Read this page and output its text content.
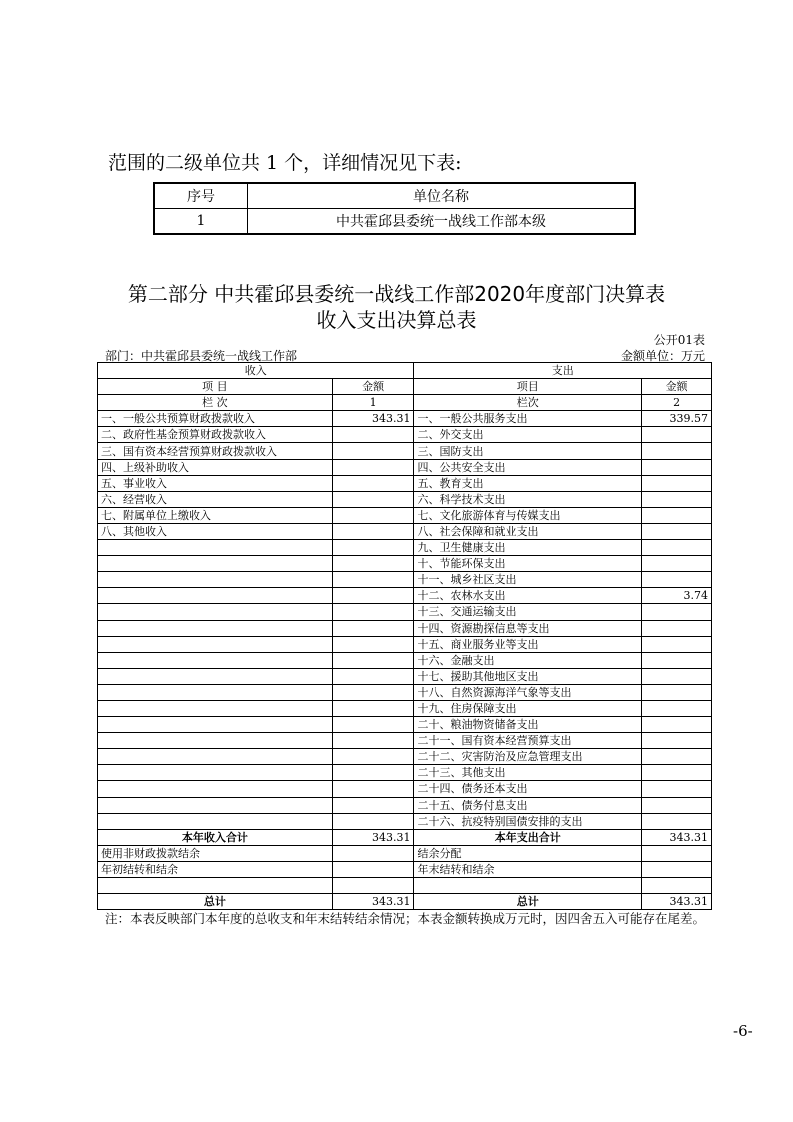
范围的二级单位共 1 个，详细情况见下表:
序号	单位名称
1	中共霍邱县委统一战线工作部本级
第二部分 中共霍邱县委统一战线工作部2020年度部门决算表
收入支出决算总表
公开01表
部门：中共霍邱县委统一战线工作部	金额单位：万元
收入		支出	
项 目	金额	项目	金额
栏 次	1	栏次	2
一、一般公共预算财政拨款收入	343.31	一、一般公共服务支出	339.57
二、政府性基金预算财政拨款收入		二、外交支出	
三、国有资本经营预算财政拨款收入		三、国防支出	
四、上级补助收入		四、公共安全支出	
五、事业收入		五、教育支出	
六、经营收入		六、科学技术支出	
七、附属单位上缴收入		七、文化旅游体育与传媒支出	
八、其他收入		八、社会保障和就业支出	
		九、卫生健康支出	
		十、节能环保支出	
		十一、城乡社区支出	
		十二、农林水支出	3.74
		十三、交通运输支出	
		十四、资源勘探信息等支出	
		十五、商业服务业等支出	
		十六、金融支出	
		十七、援助其他地区支出	
		十八、自然资源海洋气象等支出	
		十九、住房保障支出	
		二十、粮油物资储备支出	
		二十一、国有资本经营预算支出	
		二十二、灾害防治及应急管理支出	
		二十三、其他支出	
		二十四、债务还本支出	
		二十五、债务付息支出	
		二十六、抗疫特别国债安排的支出	
本年收入合计	343.31	本年支出合计	343.31
使用非财政拨款结余		结余分配	
年初结转和结余		年末结转和结余	

总计	343.31	总计	343.31
注：本表反映部门本年度的总收支和年末结转结余情况；本表金额转换成万元时，因四舍五入可能存在尾差。
-6-
